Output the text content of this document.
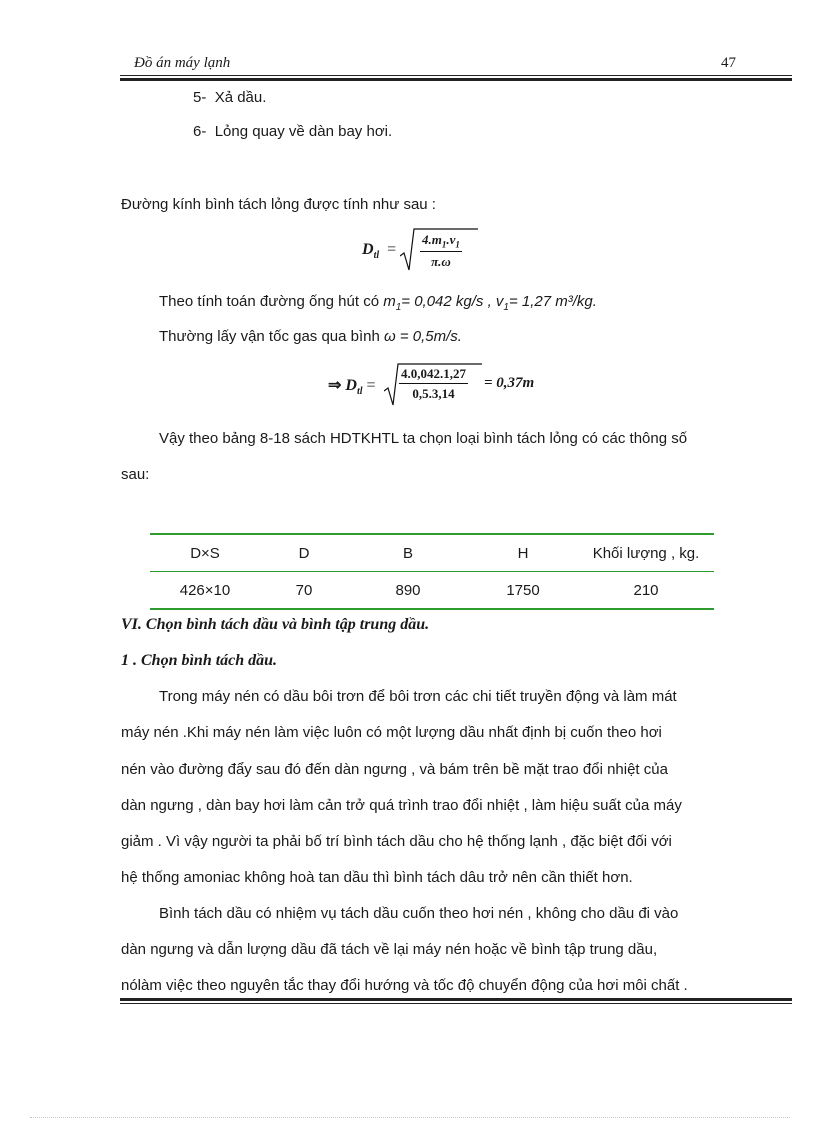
Đồ án máy lạnh	47
5- Xả dầu.
6- Lỏng quay về dàn bay hơi.
Đường kính bình tách lỏng được tính như sau :
$D_{tl}$ =
$4.m_1.v_1$
π.ω
Theo tính toán đường ống hút có $m_1= 0,042$ kg/s , $v_1= 1,27$ m³/kg.
Thường lấy vận tốc gas qua bình ω = 0,5m/s.
⇒ $D_{tl} = \frac{4.0,042.1,27}{0,5.3,14} = 0,37m$
Vậy theo bảng 8-18 sách HDTKHTL ta chọn loại bình tách lỏng có các thông số
sau:
D×S	D	B	H	Khối lượng , kg.
426×10	70	890	1750	210
VI. Chọn bình tách dầu và bình tập trung dầu.
1 . Chọn bình tách dầu.
Trong máy nén có dầu bôi trơn để bôi trơn các chi tiết truyền động và làm mát
máy nén .Khi máy nén làm việc luôn có một lượng dầu nhất định bị cuốn theo hơi
nén vào đường đẩy sau đó đến dàn ngưng , và bám trên bề mặt trao đổi nhiệt của
dàn ngưng , dàn bay hơi làm cản trở quá trình trao đổi nhiệt , làm hiệu suất của máy
giảm . Vì vậy người ta phải bố trí bình tách dầu cho hệ thống lạnh , đặc biệt đối với
hệ thống amoniac không hoà tan dầu thì bình tách dâu trở nên cần thiết hơn.
Bình tách dầu có nhiệm vụ tách dầu cuốn theo hơi nén , không cho dầu đi vào
dàn ngưng và dẫn lượng dầu đã tách về lại máy nén hoặc về bình tập trung dầu,
nólàm việc theo nguyên tắc thay đổi hướng và tốc độ chuyển động của hơi môi chất .
